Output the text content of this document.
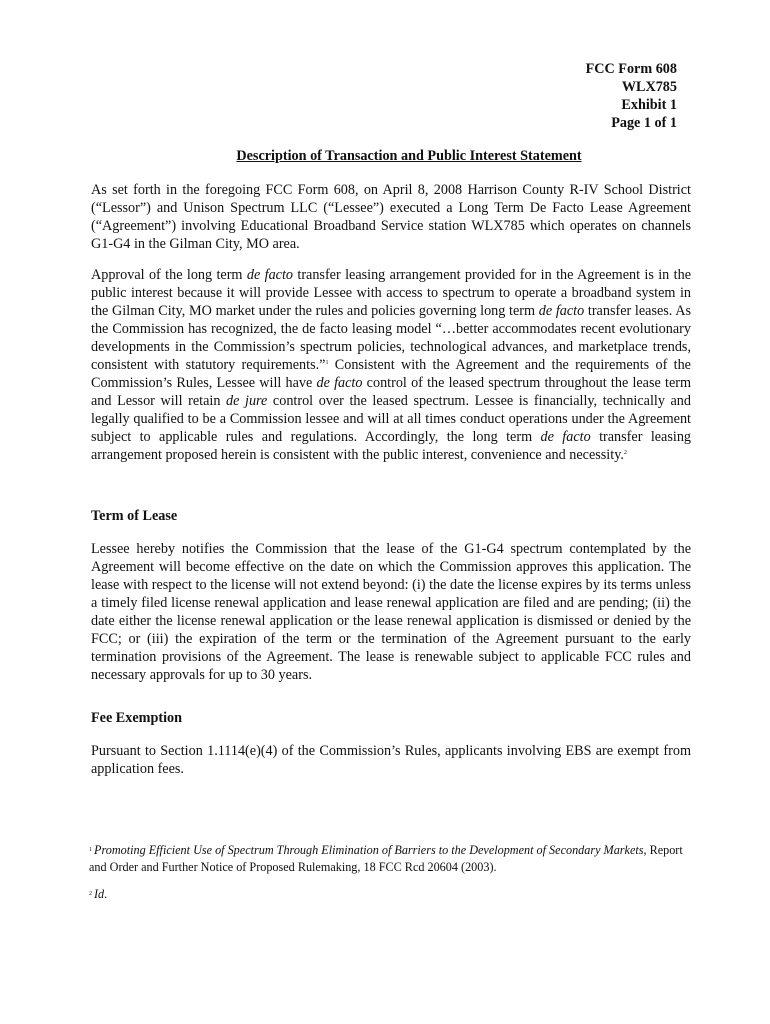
FCC Form 608
WLX785
Exhibit 1
Page 1 of 1
Description of Transaction and Public Interest Statement
As set forth in the foregoing FCC Form 608, on April 8, 2008 Harrison County R-IV School District (“Lessor”) and Unison Spectrum LLC (“Lessee”) executed a Long Term De Facto Lease Agreement (“Agreement”) involving Educational Broadband Service station WLX785 which operates on channels G1-G4 in the Gilman City, MO area.
Approval of the long term de facto transfer leasing arrangement provided for in the Agreement is in the public interest because it will provide Lessee with access to spectrum to operate a broadband system in the Gilman City, MO market under the rules and policies governing long term de facto transfer leases. As the Commission has recognized, the de facto leasing model “…better accommodates recent evolutionary developments in the Commission’s spectrum policies, technological advances, and marketplace trends, consistent with statutory requirements.”$^1$ Consistent with the Agreement and the requirements of the Commission’s Rules, Lessee will have de facto control of the leased spectrum throughout the lease term and Lessor will retain de jure control over the leased spectrum. Lessee is financially, technically and legally qualified to be a Commission lessee and will at all times conduct operations under the Agreement subject to applicable rules and regulations. Accordingly, the long term de facto transfer leasing arrangement proposed herein is consistent with the public interest, convenience and necessity.$^2$
Term of Lease
Lessee hereby notifies the Commission that the lease of the G1-G4 spectrum contemplated by the Agreement will become effective on the date on which the Commission approves this application. The lease with respect to the license will not extend beyond: (i) the date the license expires by its terms unless a timely filed license renewal application and lease renewal application are filed and are pending; (ii) the date either the license renewal application or the lease renewal application is dismissed or denied by the FCC; or (iii) the expiration of the term or the termination of the Agreement pursuant to the early termination provisions of the Agreement. The lease is renewable subject to applicable FCC rules and necessary approvals for up to 30 years.
Fee Exemption
Pursuant to Section 1.1114(e)(4) of the Commission’s Rules, applicants involving EBS are exempt from application fees.
$^1$ Promoting Efficient Use of Spectrum Through Elimination of Barriers to the Development of Secondary Markets, Report and Order and Further Notice of Proposed Rulemaking, 18 FCC Rcd 20604 (2003).
$^2$ Id.
